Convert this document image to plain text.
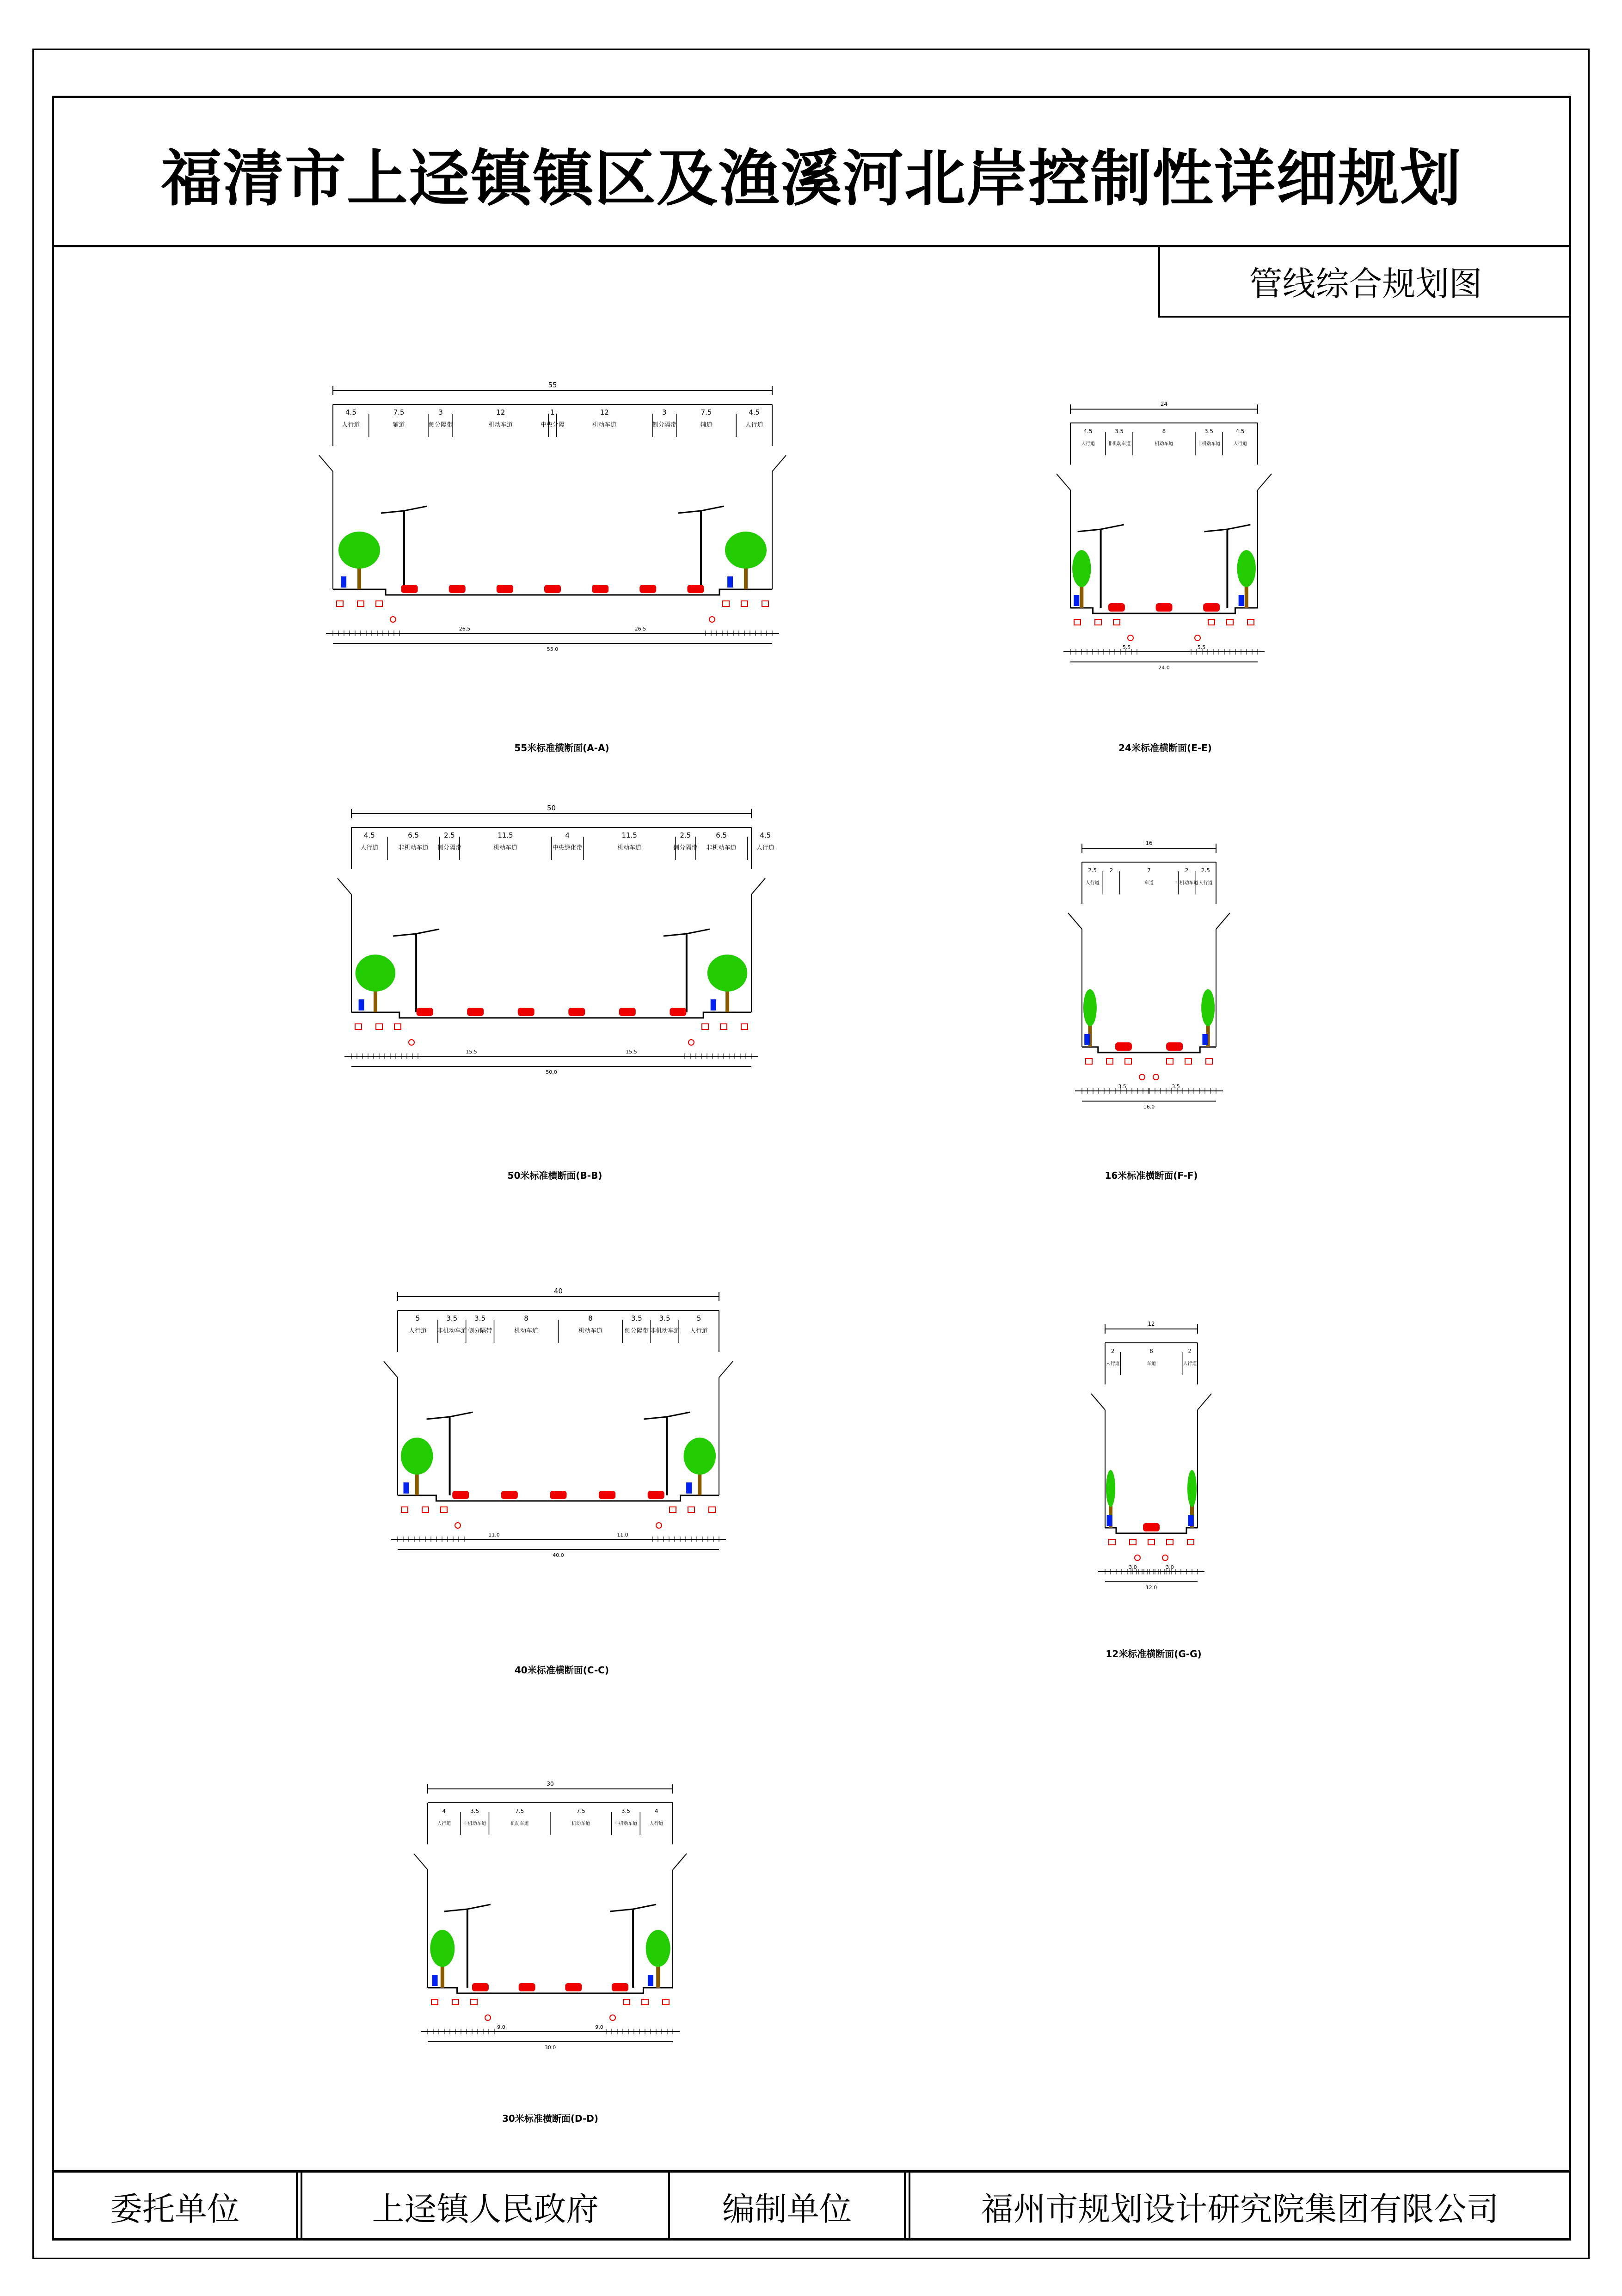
福清市上迳镇镇区及渔溪河北岸控制性详细规划
管线综合规划图
55
4.5
人行道
7.5
辅道
3
侧分隔带
12
机动车道
1
中央分隔
12
机动车道
3
侧分隔带
7.5
辅道
4.5
人行道
26.5	26.5
55.0
55米标准横断面(A-A)
24
4.5
人行道
3.5
非机动车道
8
机动车道
3.5
非机动车道
4.5
人行道
5.5	5.5
24.0
24米标准横断面(E-E)
50
4.5
人行道
6.5
非机动车道
2.5
侧分隔带
11.5
机动车道
4
中央绿化带
11.5
机动车道
2.5
侧分隔带
6.5
非机动车道
4.5
人行道
15.5	15.5
50.0
50米标准横断面(B-B)
16
2.5
人行道
2	7
车道
2
非机动车道
2.5
人行道
3.5	3.5
16.0
16米标准横断面(F-F)
40
5
人行道
3.5
非机动车道
3.5
侧分隔带
8
机动车道
8
机动车道
3.5
侧分隔带
3.5
非机动车道
5
人行道
11.0	11.0
40.0
40米标准横断面(C-C)
12
2
人行道
8
车道
2
人行道
3.0	3.0
12.0
12米标准横断面(G-G)
30
4
人行道
3.5
非机动车道
7.5
机动车道
7.5
机动车道
3.5
非机动车道
4
人行道
9.0	9.0
30.0
30米标准横断面(D-D)
委托单位	上迳镇人民政府	编制单位	福州市规划设计研究院集团有限公司
